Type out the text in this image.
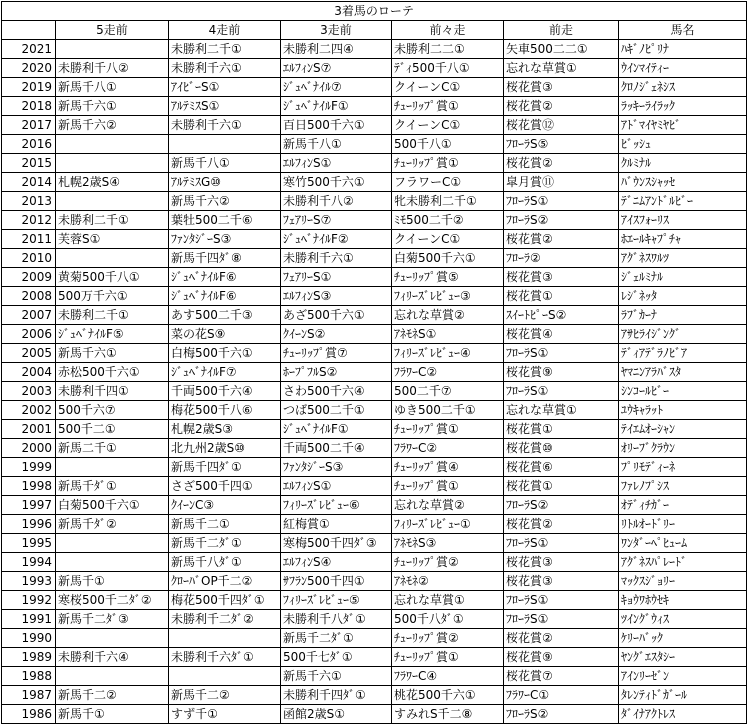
3着馬のローテ						
	5走前	4走前	3走前	前々走	前走	馬名
2021		未勝利二千①	未勝利二四④	未勝利二二①	矢車500二二①	ﾊｷﾞﾉﾋﾟﾘﾅ
2020	未勝利千八②	未勝利千六①	ｴﾙﾌｨﾝS⑦	ﾃﾞｨ500千八①	忘れな草賞①	ｳｲﾝﾏｲﾃｨｰ
2019	新馬千八①	ｱｲﾋﾞｰS①	ｼﾞｭﾍﾞﾅｲﾙ⑦	クイーンC①	桜花賞③	ｸﾛﾉｼﾞｪﾈｼｽ
2018	新馬千六①	ｱﾙﾃﾐｽS①	ｼﾞｭﾍﾞﾅｲﾙF①	ﾁｭｰﾘｯﾌﾟ賞①	桜花賞②	ﾗｯｷｰﾗｲﾗｯｸ
2017	新馬千六②	未勝利千六①	百日500千六①	クイーンC①	桜花賞⑫	ｱﾄﾞﾏｲﾔﾐﾔﾋﾞ
2016			新馬千八①	500千八①	ﾌﾛｰﾗS⑤	ﾋﾞｯｼｭ
2015		新馬千八①	ｴﾙﾌｨﾝS①	ﾁｭｰﾘｯﾌﾟ賞①	桜花賞②	ｸﾙﾐﾅﾙ
2014	札幌2歳S④	ｱﾙﾃﾐｽG⑩	寒竹500千六①	フラワーC①	皐月賞⑪	ﾊﾞｳﾝｽｼｬｯｾ
2013		新馬千六②	未勝利千八②	牝未勝利二千①	ﾌﾛｰﾗS①	ﾃﾞﾆﾑｱﾝﾄﾞﾙﾋﾞｰ
2012	未勝利二千①	葉牡500二千⑥	ﾌｪｱﾘｰS⑦	ﾐﾓ500二千②	ﾌﾛｰﾗS②	ｱｲｽﾌｫｰﾘｽ
2011	芙蓉S①	ﾌｧﾝﾀｼﾞｰS③	ｼﾞｭﾍﾞﾅｲﾙF②	クイーンC①	桜花賞②	ﾎｴｰﾙｷｬﾌﾟﾁｬ
2010		新馬千四ﾀﾞ⑧	未勝利千六①	白菊500千六①	ﾌﾛｰﾗ②	ｱｸﾞﾈｽﾜﾙﾂ
2009	黄菊500千八①	ｼﾞｭﾍﾞﾅｲﾙF⑥	ﾌｪｱﾘｰS①	ﾁｭｰﾘｯﾌﾟ賞⑤	桜花賞③	ｼﾞｪﾙﾐﾅﾙ
2008	500万千六①	ｼﾞｭﾍﾞﾅｲﾙF⑥	ｴﾙﾌｨﾝS③	ﾌｨﾘｰｽﾞﾚﾋﾞｭｰ③	桜花賞①	ﾚｼﾞﾈｯﾀ
2007	未勝利二千①	あす500二千③	あざ500千六①	忘れな草賞②	ｽｲｰﾄﾋﾟｰS②	ﾗﾌﾞｶｰﾅ
2006	ｼﾞｭﾍﾞﾅｲﾙF⑤	菜の花S⑨	ｸｲｰﾝS②	ｱﾈﾓﾈS①	桜花賞④	ｱｻﾋﾗｲｼﾞﾝｸﾞ
2005	新馬千六①	白梅500千六①	ﾁｭｰﾘｯﾌﾟ賞⑦	ﾌｨﾘｰｽﾞﾚﾋﾞｭｰ④	ﾌﾛｰﾗS①	ﾃﾞｨｱﾃﾞﾗﾉﾋﾞｱ
2004	赤松500千六①	ｼﾞｭﾍﾞﾅｲﾙF⑦	ﾎｰﾌﾟﾌﾙS②	ﾌﾗﾜｰC②	桜花賞⑨	ﾔﾏﾆﾝｱﾗﾊﾞｽﾀ
2003	未勝利千四①	千両500千六④	さわ500千六④	500二千⑦	ﾌﾛｰﾗS①	ｼﾝｺｰﾙﾋﾞｰ
2002	500千六⑦	梅花500千八⑥	つば500二千①	ゆき500二千①	忘れな草賞①	ﾕｳｷｬﾗｯﾄ
2001	500千二①	札幌2歳S③	ｼﾞｭﾍﾞﾅｲﾙF①	ﾁｭｰﾘｯﾌﾟ賞①	桜花賞①	ﾃｲｴﾑｵｰｼｬﾝ
2000	新馬二千①	北九州2歳S⑩	千両500二千④	ﾌﾗﾜｰC②	桜花賞⑩	ｵﾘｰﾌﾞｸﾗｳﾝ
1999		新馬千四ﾀﾞ①	ﾌｧﾝﾀｼﾞｰS③	ﾁｭｰﾘｯﾌﾟ賞④	桜花賞⑥	ﾌﾟﾘﾓﾃﾞｨｰﾈ
1998	新馬千ﾀﾞ①	さざ500千四①	ｴﾙﾌｨﾝS①	ﾁｭｰﾘｯﾌﾟ賞①	桜花賞①	ﾌｧﾚﾉﾌﾟｼｽ
1997	白菊500千六①	ｸｲｰﾝC③	ﾌｨﾘｰｽﾞﾚﾋﾞｭｰ⑥	忘れな草賞②	ﾌﾛｰﾗS②	ｵﾃﾞｨﾁｶﾞｰ
1996	新馬千ﾀﾞ②	新馬千二①	紅梅賞①	ﾌｨﾘｰｽﾞﾚﾋﾞｭｰ①	桜花賞②	ﾘﾄﾙｵｰﾄﾞﾘｰ
1995		新馬千二ﾀﾞ①	寒梅500千四ﾀﾞ③	ｱﾈﾓﾈS③	ﾌﾛｰﾗS①	ﾜﾝﾀﾞｰﾍﾟﾋｭｰﾑ
1994		新馬千八ﾀﾞ①	ｴﾙﾌｨﾝS④	ﾁｭｰﾘｯﾌﾟ賞②	桜花賞③	ｱｸﾞﾈｽﾊﾟﾚｰﾄﾞ
1993	新馬千①	ｸﾛｰﾊﾞOP千二②	ｻﾌﾗﾝ500千四①	ｱﾈﾓﾈ②	桜花賞③	ﾏｯｸｽｼﾞｮﾘｰ
1992	寒桜500千二ﾀﾞ②	梅花500千四ﾀﾞ①	ﾌｨﾘｰｽﾞﾚﾋﾞｭｰ⑤	忘れな草賞①	ﾌﾛｰﾗS①	ｷｮｳﾜﾎｳｾｷ
1991	新馬千二ﾀﾞ③	未勝利千二ﾀﾞ②	未勝利千八ﾀﾞ①	500千八ﾀﾞ①	ﾌﾛｰﾗS①	ﾂｲﾝｸﾞｳｨｽ
1990			新馬千二ﾀﾞ①	ﾁｭｰﾘｯﾌﾟ賞②	桜花賞②	ｹﾘｰﾊﾞｯｸ
1989	未勝利千六④	未勝利千六ﾀﾞ①	500千七ﾀﾞ①	ﾁｭｰﾘｯﾌﾟ賞①	桜花賞⑨	ﾔﾝｸﾞｴｽﾀｼｰ
1988			新馬千六①	ﾌﾗﾜｰC④	桜花賞⑦	ｱｲﾝﾘｰｾﾞﾝ
1987	新馬千二②	新馬千二②	未勝利千四ﾀﾞ①	桃花500千六①	ﾌﾗﾜｰC①	ﾀﾚﾝﾃｨﾄﾞｶﾞｰﾙ
1986	新馬千①	すず千①	函館2歳S①	すみれS千二⑧	ﾌﾛｰﾗS②	ﾀﾞｲﾅｱｸﾄﾚｽ
